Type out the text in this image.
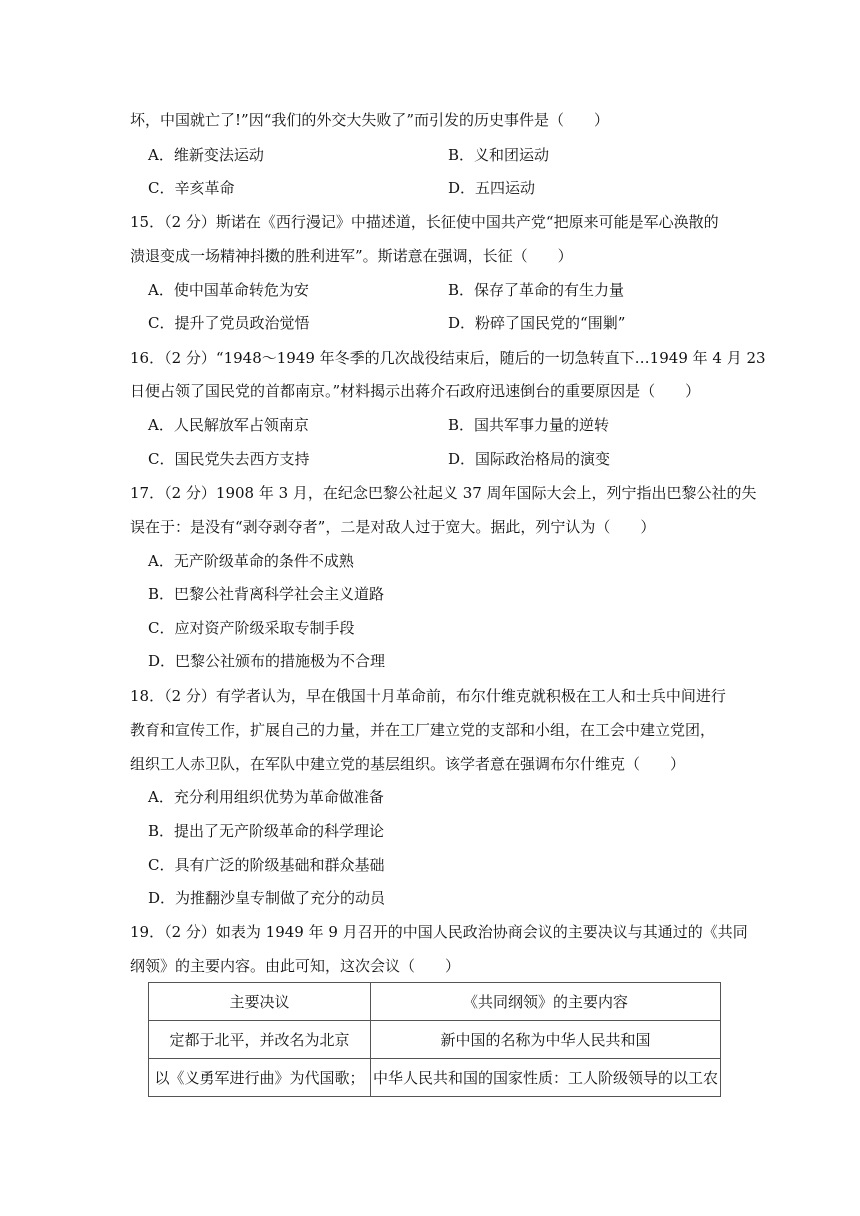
坏，中国就亡了!”因“我们的外交大失败了”而引发的历史事件是（　　）
A．维新变法运动	B．义和团运动
C．辛亥革命	D．五四运动
15．（2 分）斯诺在《西行漫记》中描述道，长征使中国共产党“把原来可能是军心涣散的
溃退变成一场精神抖擞的胜利进军”。斯诺意在强调，长征（　　）
A．使中国革命转危为安	B．保存了革命的有生力量
C．提升了党员政治觉悟	D．粉碎了国民党的“围剿”
16．（2 分）“1948～1949 年冬季的几次战役结束后，随后的一切急转直下…1949 年 4 月 23
日便占领了国民党的首都南京。”材料揭示出蒋介石政府迅速倒台的重要原因是（　　）
A．人民解放军占领南京	B．国共军事力量的逆转
C．国民党失去西方支持	D．国际政治格局的演变
17．（2 分）1908 年 3 月，在纪念巴黎公社起义 37 周年国际大会上，列宁指出巴黎公社的失
误在于：是没有“剥夺剥夺者”，二是对敌人过于宽大。据此，列宁认为（　　）
A．无产阶级革命的条件不成熟
B．巴黎公社背离科学社会主义道路
C．应对资产阶级采取专制手段
D．巴黎公社颁布的措施极为不合理
18．（2 分）有学者认为，早在俄国十月革命前，布尔什维克就积极在工人和士兵中间进行
教育和宣传工作，扩展自己的力量，并在工厂建立党的支部和小组，在工会中建立党团，
组织工人赤卫队，在军队中建立党的基层组织。该学者意在强调布尔什维克（　　）
A．充分利用组织优势为革命做准备
B．提出了无产阶级革命的科学理论
C．具有广泛的阶级基础和群众基础
D．为推翻沙皇专制做了充分的动员
19．（2 分）如表为 1949 年 9 月召开的中国人民政治协商会议的主要决议与其通过的《共同
纲领》的主要内容。由此可知，这次会议（　　）
主要决议	《共同纲领》的主要内容
定都于北平，并改名为北京	新中国的名称为中华人民共和国
以《义勇军进行曲》为代国歌；	中华人民共和国的国家性质：工人阶级领导的以工农
